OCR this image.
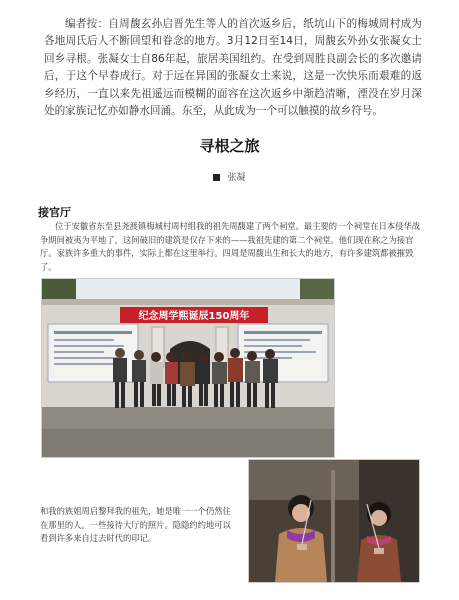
编者按：自周馥玄孙启晋先生等人的首次返乡后，纸坑山下的梅城周村成为各地周氏后人不断回望和眷念的地方。3月12日至14日，周馥玄外孙女张凝女士回乡寻根。张凝女士自86年起，旅居美国纽约。在受到周胜良副会长的多次邀请后，于这个早春成行。对于远在异国的张凝女士来说，这是一次快乐而艰难的返乡经历，一直以来先祖遥远而模糊的面容在这次返乡中渐趋清晰，湮没在岁月深处的家族记忆亦如静水回涌。东至，从此成为一个可以触摸的故乡符号。
寻根之旅
张凝
接官厅
位于安徽省东至县尧渡镇梅城村周村组我的祖先周馥建了两个祠堂。最主要的一个祠堂在日本侵华战争期间被夷为平地了，这间破旧的建筑是仅存下来的——我祖先建的第二个祠堂。他们现在称之为接官厅。家族许多重大的事件，实际上都在这里举行。四周是周馥出生和长大的地方，有许多建筑都被摧毁了。
纪念周学熙诞辰150周年
和我的族姐周启黎拜我的祖先，她是唯一一个仍然住在那里的人。一些接待大厅的照片。隐隐约约地可以看到许多来自过去时代的印记。
